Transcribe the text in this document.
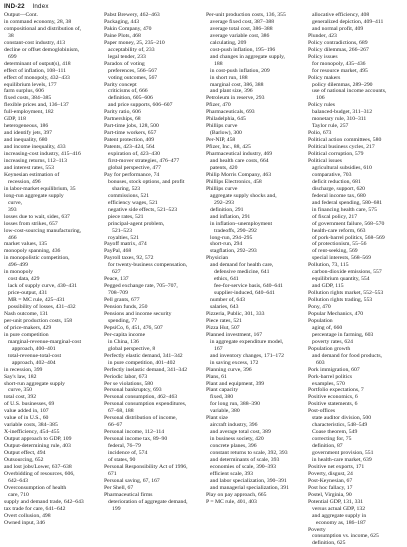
IND-22 Index
Output—Cont.
in command economy, 28, 38
compositional and distribution of,
38
constant-cost industry, 413
decline or offset demoglobinism,
699
determinant of output(s), 418
effect of inflation, 108–111
effect of monopoly, 432–433
equilibrium levels, 177
farm surplus, 606
fixed costs, 384–385
flexible prices and, 136–137
full-employment, 182
GDP, 118
heterogeneous, 186
and identify jets, 397
and inequality, 680
and income inequality, 433
increasing-cost industry, 415–416
increasing returns, 112–113
and interest rates, 553
Keynesian estimation of
recession, 496
in labor-market equilibrium, 35
long-run aggregate supply
curve,
393
losses due to wait, sides, 637
losses from strikes, 657
low-cost-sourcing manufacturing,
466
market values, 135
monopoly spanning, 436
in monopolistic competition,
496–499
in monopoly
cost data, 429
lack of supply curve, 430–431
price-output, 431
MR = MC rule, 425–431
possibility of losses, 431–432
Nash outcome, 131
per-unit production costs, 158
of price-makers, 429
in pure competition
marginal-revenue-marginal-cost
approach, 400–401
total-revenue-total-cost
approach, 402–404
in recession, 399
Say's law, 182
short-run aggregate supply
curve, 350
total cost, 392
of U.S. businesses, 69
value added in, 107
value of in U.S., 60
variable costs, 384–385
X-inefficiency, 454–455
Output approach to GDP, 109
Output-determining rule, 403
Output effect, 494
Outsourcing, 652
and lost jobs/Lower, 637–638
Overbidding of resources, 606,
642–643
Overconsumption of health
care, 710
supply and demand trade, 642–643
tax trade for care, 641–642
Overt collusion, 498
Owned input, 346
Pabst Brewery, 462–463
Packaging, 443
Pakin Company, 470
Paine Plots, 468
Paper money, 25, 235–210
acceptability of, 233
legal tender, 233
Paradox of voting
preferences, 566–567
voting outcomes, 567
Parity concept
criticisms of, 666
definition, 605–606
and price supports, 606–607
Parity ratio, 606
Partnerships, 68
Part-time jobs, 128, 500
Part-time workers, 657
Patent protection, 409
Patents, 423–424, 564
expiration of, 423–430
first-mover strategies, 476–477
global perspective, 477
Pay for performance, 74
bonuses, stock options, and profit
sharing, 523
commissions, 521
efficiency wages, 521
negative side effects, 521–523
piece rates, 521
principal-agent problem,
521–523
royalties, 521
Payoff matrix, 474
PayPal, 468
Payroll taxes, 92, 572
for twenty-business compensation,
627
Peace, 137
Pegged exchange rate, 705–707,
708–709
Pell grants, 677
Pension funds, 250
Pensions and income security
spending, 77
PepsiCo, 6, 451, 476, 507
Per-capita income
in China, 136
global perspective, 8
Perfectly elastic demand, 341–342
in pure competition, 401–402
Perfectly inelastic demand, 341–342
Periodic labor, 673
Per se violations, 580
Personal bankruptcy, 693
Personal consumption, 462–463
Personal consumption expenditures,
67–68, 188
Personal distribution of income,
66–67
Personal income, 112–114
Personal income tax, 89–90
federal, 76–79
incidence of, 574
of states, 90
Personal Responsibility Act of 1996,
671
Personal saving, 67, 167
Per Shell, 67
Pharmaceutical firms
deterioration of aggregate demand,
199
Per-unit production costs, 136, 355
average fixed cost, 387–388
average total cost, 386–388
average variable cost, 386
calculating, 209
cost-push inflation, 195–196
and changes in aggregate supply,
188
in cost-push inflation, 209
in short run, 188
marginal cost, 386, 388
and plant size, 396
Petroleum in reserve, 293
Pfizer, 470
Pharmaceuticals, 693
Philadelphia, 645
Phillips curve
(Barlow), 300
Per-NIP, 458
Pfizer, Inc., 88, 425
Pharmaceutical industry, 469
and health care costs, 664
patents, 420
Philip Morris Company, 463
Phillips Electronics, 458
Phillips curve
aggregate supply shocks and,
292–293
definition, 291
and inflation, 291
in inflation–unemployment
tradeoffs, 290–292
long-run, 294–295
short-run, 294
stagflation, 292–293
Physician
and demand for health care,
defensive medicine, 641
ethics, 641
fee-for-service basis, 640–641
supplier-induced, 640–641
number of, 643
salaries, 643
Pizzeria, Public, 301, 333
Piece rates, 521
Pizza Hut, 507
Planned investment, 167
in aggregate expenditure model,
167
and inventory changes, 171–172
in saving excess, 172
Planning curve, 396
Plans, 61
Plant and equipment, 399
Plant capacity
fixed, 380
for long run, 388–390
variable, 380
Plant size
aircraft industry, 396
and average total cost, 389
in business society, 420
concrete planes, 396
constant returns to scale, 392, 393
and determinants of scale, 393
economies of scale, 390–393
efficient scale, 393
and labor specialization, 390–391
and managerial specialization, 391
Play on pay approach, 665
P = MC rule, 401, 403
allocative efficiency, 408
generalized depiction, 409–411
and normal profit, 409
Plunder, 423
Policy contradictions, 689
Policy dilemmas, 266–267
Policy issues
for monopoly, 435–436
for resource market, 495
Policy makers
policy dilemmas, 289–290
use of national income accounts,
106
Policy rules
balanced-budget, 311–312
monetary rule, 310–311
Taylor rule, 257
Polio, 673
Political action committees, 580
Political business cycles, 217
Political corruption, 579
Political issues
agricultural subsidies, 610
comparative, 703
deficit reduction, 681
discharge, support, 620
federal income tax, 680
and federal spending, 580–681
in financing health care, 575
of fiscal policy, 217
of government failure, 568–570
health-care reform, 663
of pork-barrel politics, 568–569
of protectionism, 55–56
of rent-seeking, 569
special interests, 568–569
Pollution, 73, 115
carbon-dioxide emissions, 557
equilibrium quantity, 554
and GDP, 115
Pollution rights market, 552–553
Pollution rights trading, 553
Pony, 470
Popular Mechanics, 470
Population
aging of, 660
percentage in farming, 603
poverty rates, 624
Population growth
and demand for food products,
603
Pork immigration, 607
Pork-barrel politics
examples, 570
Portfolio expectations, 7
Positive economics, 6
Positive statements, 6
Post-offices
state auditor division, 500
characteristics, 548–549
Coase theorem, 549
correcting for, 75
definition, 87
government provision, 551
in health-care market, 639
Positive net exports, 171
Poverty, disgust, 24
Post-Keynesian, 67
Post hoc fallacy, 17
Postel, Virginia, 90
Potential GDP, 131, 331
versus actual GDP, 132
and aggregate supply in
economy as, 186–187
Poverty
consumption vs. income, 625
definition, 625
